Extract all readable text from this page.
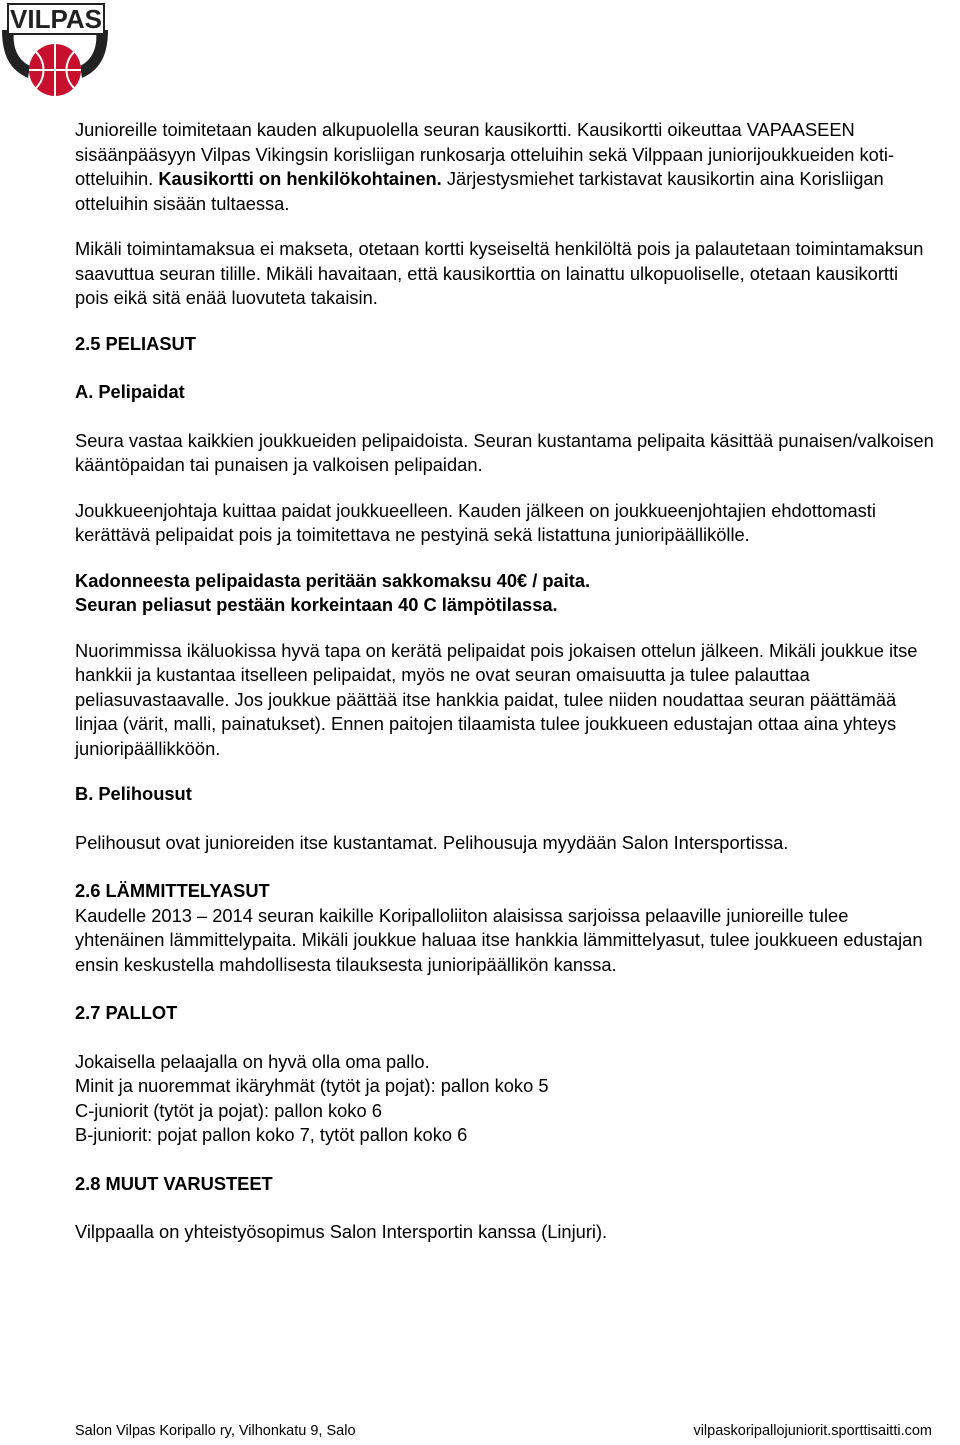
VILPAS

Junioreille toimitetaan kauden alkupuolella seuran kausikortti. Kausikortti oikeuttaa VAPAASEEN sisäänpääsyyn Vilpas Vikingsin korisliigan runkosarja otteluihin sekä Vilppaan juniorijoukkueiden koti-otteluihin. Kausikortti on henkilökohtainen. Järjestysmiehet tarkistavat kausikortin aina Korisliigan otteluihin sisään tultaessa.

Mikäli toimintamaksua ei makseta, otetaan kortti kyseiseltä henkilöltä pois ja palautetaan toimintamaksun saavuttua seuran tilille. Mikäli havaitaan, että kausikorttia on lainattu ulkopuoliselle, otetaan kausikortti pois eikä sitä enää luovuteta takaisin.

2.5 PELIASUT

A. Pelipaidat

Seura vastaa kaikkien joukkueiden pelipaidoista. Seuran kustantama pelipaita käsittää punaisen/valkoisen kääntöpaidan tai punaisen ja valkoisen pelipaidan.

Joukkueenjohtaja kuittaa paidat joukkueelleen. Kauden jälkeen on joukkueenjohtajien ehdottomasti kerättävä pelipaidat pois ja toimitettava ne pestyinä sekä listattuna junioripäällikölle.

Kadonneesta pelipaidasta peritään sakkomaksu 40€ / paita.

Seuran peliasut pestään korkeintaan 40 C lämpötilassa.

Nuorimmissa ikäluokissa hyvä tapa on kerätä pelipaidat pois jokaisen ottelun jälkeen. Mikäli joukkue itse hankkii ja kustantaa itselleen pelipaidat, myös ne ovat seuran omaisuutta ja tulee palauttaa peliasuvastaavalle. Jos joukkue päättää itse hankkia paidat, tulee niiden noudattaa seuran päättämää linjaa (värit, malli, painatukset). Ennen paitojen tilaamista tulee joukkueen edustajan ottaa aina yhteys junioripäällikköön.

B. Pelihousut

Pelihousut ovat junioreiden itse kustantamat. Pelihousuja myydään Salon Intersportissa.

2.6 LÄMMITTELYASUT

Kaudelle 2013 – 2014 seuran kaikille Koripalloliiton alaisissa sarjoissa pelaaville junioreille tulee yhtenäinen lämmittelypaita. Mikäli joukkue haluaa itse hankkia lämmittelyasut, tulee joukkueen edustajan ensin keskustella mahdollisesta tilauksesta junioripäällikön kanssa.

2.7 PALLOT

Jokaisella pelaajalla on hyvä olla oma pallo.

Minit ja nuoremmat ikäryhmät (tytöt ja pojat): pallon koko 5

C-juniorit (tytöt ja pojat): pallon koko 6

B-juniorit: pojat pallon koko 7, tytöt pallon koko 6

2.8 MUUT VARUSTEET

Vilppaalla on yhteistyösopimus Salon Intersportin kanssa (Linjuri).

Salon Vilpas Koripallo ry, Vilhonkatu 9, Salo	vilpaskoripallojuniorit.sporttisaitti.com
